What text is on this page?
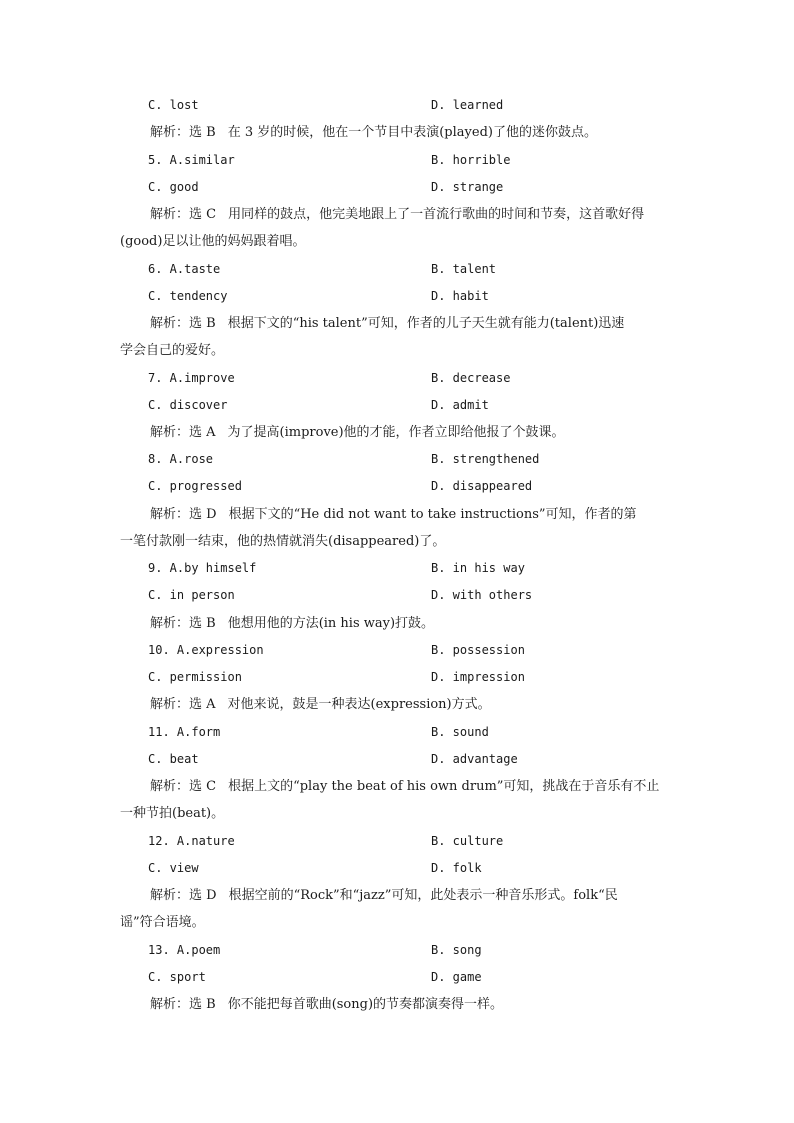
C. lost	D. learned
解析：选 B 在 3 岁的时候，他在一个节目中表演(played)了他的迷你鼓点。
5. A.similar	B. horrible
C. good	D. strange
解析：选 C 用同样的鼓点，他完美地跟上了一首流行歌曲的时间和节奏，这首歌好得
(good)足以让他的妈妈跟着唱。
6. A.taste	B. talent
C. tendency	D. habit
解析：选 B 根据下文的“his talent”可知，作者的儿子天生就有能力(talent)迅速
学会自己的爱好。
7. A.improve	B. decrease
C. discover	D. admit
解析：选 A 为了提高(improve)他的才能，作者立即给他报了个鼓课。
8. A.rose	B. strengthened
C. progressed	D. disappeared
解析：选 D 根据下文的“He did not want to take instructions”可知，作者的第
一笔付款刚一结束，他的热情就消失(disappeared)了。
9. A.by himself	B. in his way
C. in person	D. with others
解析：选 B 他想用他的方法(in his way)打鼓。
10. A.expression	B. possession
C. permission	D. impression
解析：选 A 对他来说，鼓是一种表达(expression)方式。
11. A.form	B. sound
C. beat	D. advantage
解析：选 C 根据上文的“play the beat of his own drum”可知，挑战在于音乐有不止
一种节拍(beat)。
12. A.nature	B. culture
C. view	D. folk
解析：选 D 根据空前的“Rock”和“jazz”可知，此处表示一种音乐形式。folk“民
谣”符合语境。
13. A.poem	B. song
C. sport	D. game
解析：选 B 你不能把每首歌曲(song)的节奏都演奏得一样。
